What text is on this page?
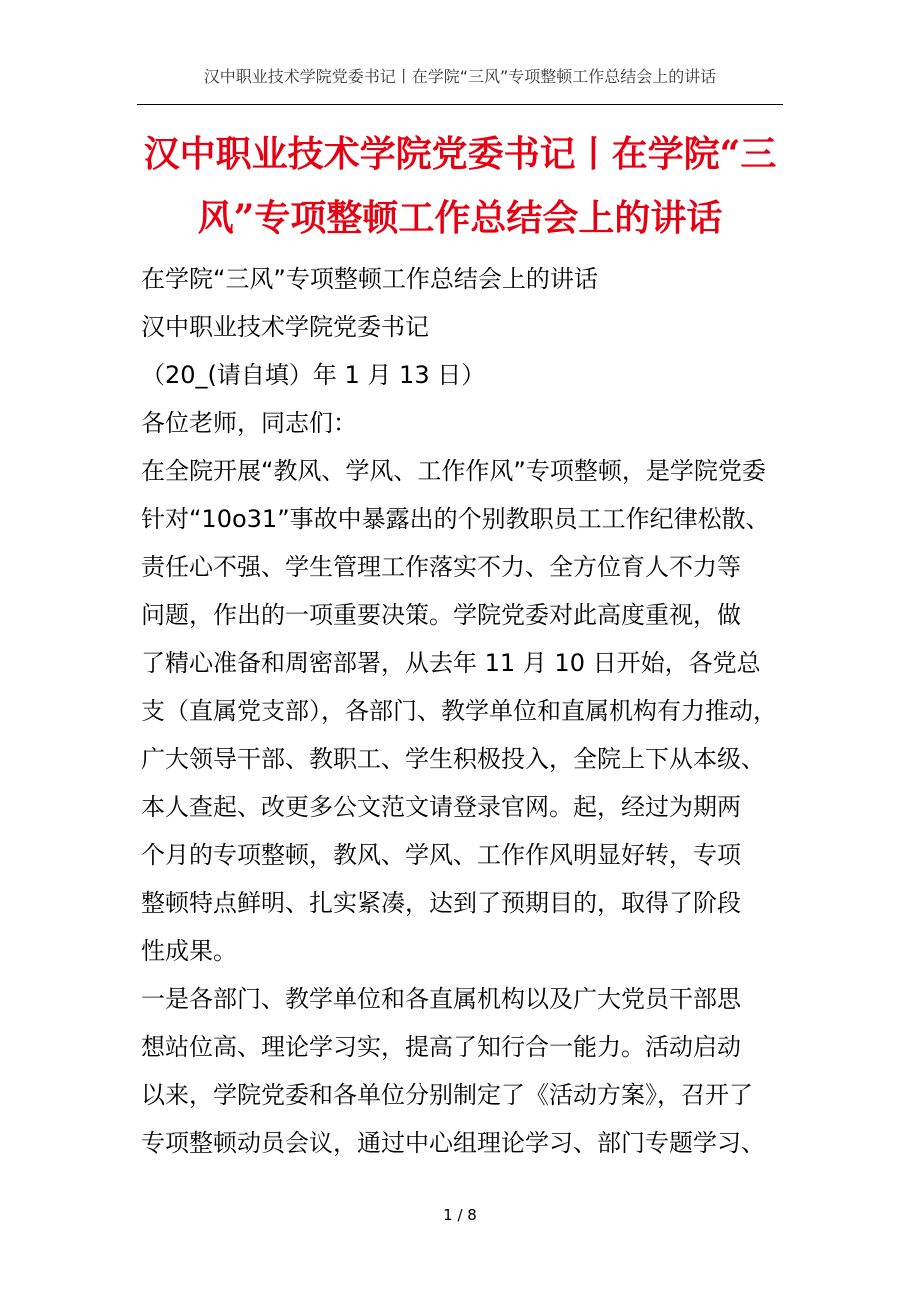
汉中职业技术学院党委书记丨在学院“三风”专项整顿工作总结会上的讲话
汉中职业技术学院党委书记丨在学院“三
风”专项整顿工作总结会上的讲话
在学院“三风”专项整顿工作总结会上的讲话
汉中职业技术学院党委书记
（20_(请自填）年 1 月 13 日）
各位老师，同志们：
在全院开展“教风、学风、工作作风”专项整顿，是学院党委
针对“10o31”事故中暴露出的个别教职员工工作纪律松散、
责任心不强、学生管理工作落实不力、全方位育人不力等
问题，作出的一项重要决策。学院党委对此高度重视，做
了精心准备和周密部署，从去年 11 月 10 日开始，各党总
支（直属党支部），各部门、教学单位和直属机构有力推动，
广大领导干部、教职工、学生积极投入，全院上下从本级、
本人查起、改更多公文范文请登录官网。起，经过为期两
个月的专项整顿，教风、学风、工作作风明显好转，专项
整顿特点鲜明、扎实紧凑，达到了预期目的，取得了阶段
性成果。
一是各部门、教学单位和各直属机构以及广大党员干部思
想站位高、理论学习实，提高了知行合一能力。活动启动
以来，学院党委和各单位分别制定了《活动方案》，召开了
专项整顿动员会议，通过中心组理论学习、部门专题学习、
1 / 8
